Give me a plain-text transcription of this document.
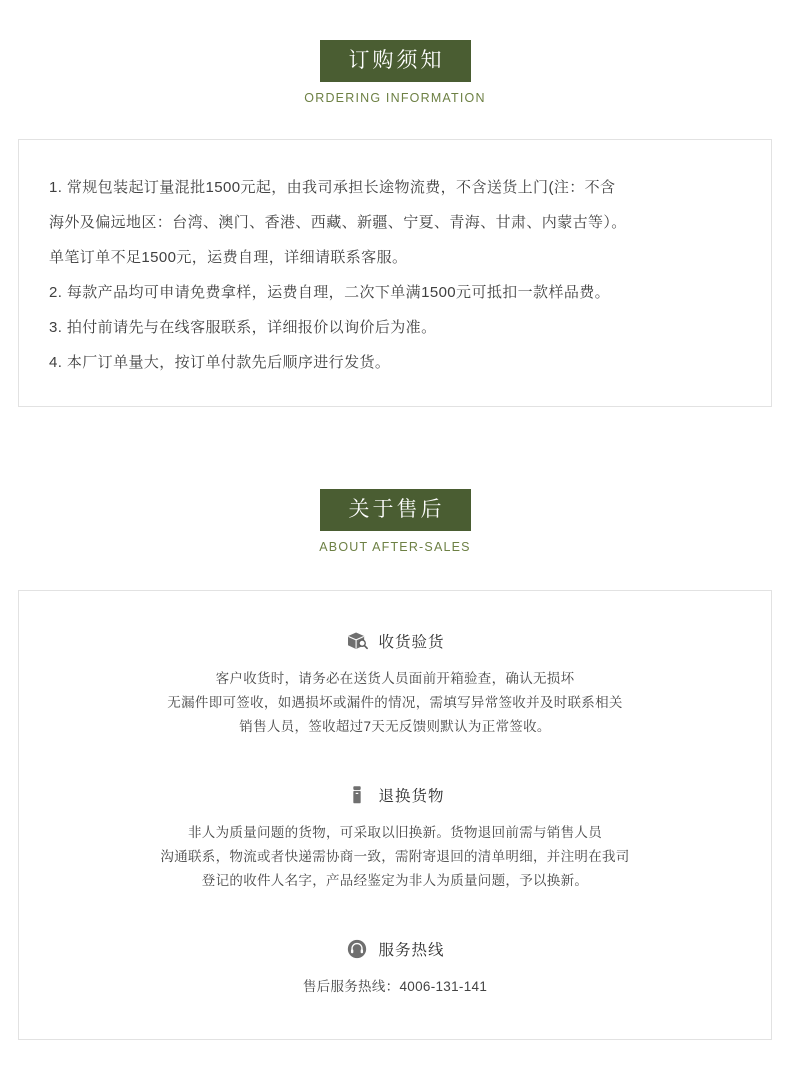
订购须知
ORDERING INFORMATION
1. 常规包装起订量混批1500元起，由我司承担长途物流费，不含送货上门(注：不含
海外及偏远地区：台湾、澳门、香港、西藏、新疆、宁夏、青海、甘肃、内蒙古等）。
单笔订单不足1500元，运费自理，详细请联系客服。
2. 每款产品均可申请免费拿样，运费自理，二次下单满1500元可抵扣一款样品费。
3. 拍付前请先与在线客服联系，详细报价以询价后为准。
4. 本厂订单量大，按订单付款先后顺序进行发货。
关于售后
ABOUT AFTER-SALES
收货验货
客户收货时，请务必在送货人员面前开箱验查，确认无损坏
无漏件即可签收，如遇损坏或漏件的情况，需填写异常签收并及时联系相关
销售人员，签收超过7天无反馈则默认为正常签收。
退换货物
非人为质量问题的货物，可采取以旧换新。货物退回前需与销售人员
沟通联系，物流或者快递需协商一致，需附寄退回的清单明细，并注明在我司
登记的收件人名字，产品经鉴定为非人为质量问题，予以换新。
服务热线
售后服务热线：4006-131-141
